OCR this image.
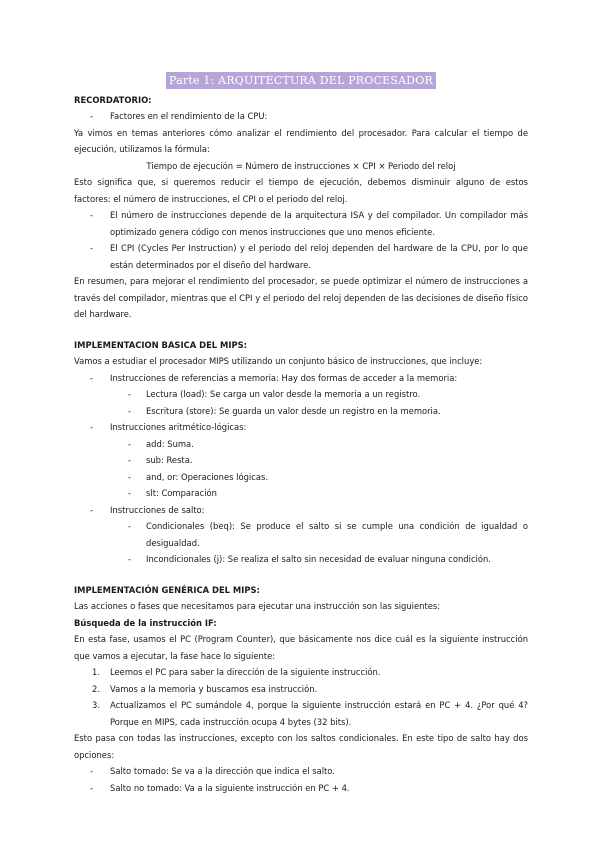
Parte 1: ARQUITECTURA DEL PROCESADOR
RECORDATORIO:
- Factores en el rendimiento de la CPU:

Ya vimos en temas anteriores cómo analizar el rendimiento del procesador. Para calcular el tiempo de ejecución, utilizamos la fórmula:

Tiempo de ejecución = Número de instrucciones × CPI × Periodo del reloj

Esto significa que, si queremos reducir el tiempo de ejecución, debemos disminuir alguno de estos factores: el número de instrucciones, el CPI o el periodo del reloj.

- El número de instrucciones depende de la arquitectura ISA y del compilador. Un compilador más optimizado genera código con menos instrucciones que uno menos eficiente.
- El CPI (Cycles Per Instruction) y el periodo del reloj dependen del hardware de la CPU, por lo que están determinados por el diseño del hardware.

En resumen, para mejorar el rendimiento del procesador, se puede optimizar el número de instrucciones a través del compilador, mientras que el CPI y el periodo del reloj dependen de las decisiones de diseño físico del hardware.

IMPLEMENTACION BASICA DEL MIPS:

Vamos a estudiar el procesador MIPS utilizando un conjunto básico de instrucciones, que incluye:

- Instrucciones de referencias a memoria: Hay dos formas de acceder a la memoria:
- Lectura (load): Se carga un valor desde la memoria a un registro.
- Escritura (store): Se guarda un valor desde un registro en la memoria.
- Instrucciones aritmético-lógicas:
- add: Suma.
- sub: Resta.
- and, or: Operaciones lógicas.
- slt: Comparación
- Instrucciones de salto:
- Condicionales (beq): Se produce el salto si se cumple una condición de igualdad o desigualdad.
- Incondicionales (j): Se realiza el salto sin necesidad de evaluar ninguna condición.
IMPLEMENTACIÓN GENÉRICA DEL MIPS:

Las acciones o fases que necesitamos para ejecutar una instrucción son las siguientes:

Búsqueda de la instrucción IF:

En esta fase, usamos el PC (Program Counter), que básicamente nos dice cuál es la siguiente instrucción que vamos a ejecutar, la fase hace lo siguiente:

1. Leemos el PC para saber la dirección de la siguiente instrucción.
2. Vamos a la memoria y buscamos esa instrucción.
3. Actualizamos el PC sumándole 4, porque la siguiente instrucción estará en PC + 4. ¿Por qué 4? Porque en MIPS, cada instrucción ocupa 4 bytes (32 bits).

Esto pasa con todas las instrucciones, excepto con los saltos condicionales. En este tipo de salto hay dos opciones:

- Salto tomado: Se va a la dirección que indica el salto.
- Salto no tomado: Va a la siguiente instrucción en PC + 4.
